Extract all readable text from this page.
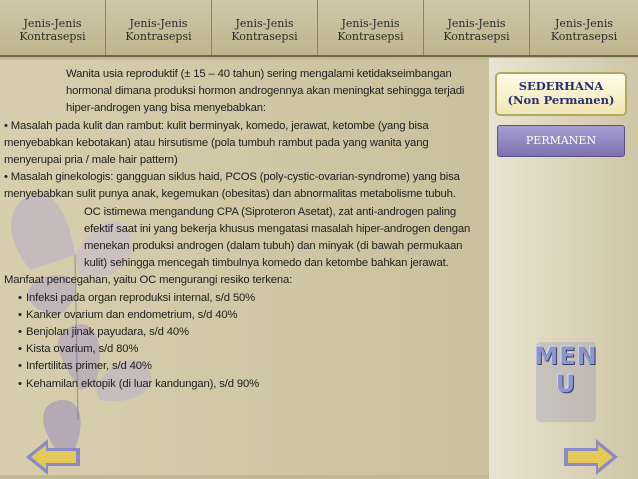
Jenis-Jenis
Kontrasepsi
Jenis-Jenis
Kontrasepsi
Jenis-Jenis
Kontrasepsi
Jenis-Jenis
Kontrasepsi
Jenis-Jenis
Kontrasepsi
Jenis-Jenis
Kontrasepsi

Wanita usia reproduktif (± 15 – 40 tahun) sering mengalami ketidakseimbangan hormonal dimana produksi hormon androgennya akan meningkat sehingga terjadi hiper-androgen yang bisa menyebabkan:

• Masalah pada kulit dan rambut: kulit berminyak, komedo, jerawat, ketombe (yang bisa menyebabkan kebotakan) atau hirsutisme (pola tumbuh rambut pada yang wanita yang menyerupai pria / male hair pattern)

• Masalah ginekologis: gangguan siklus haid, PCOS (poly-cystic-ovarian-syndrome) yang bisa menyebabkan sulit punya anak, kegemukan (obesitas) dan abnormalitas metabolisme tubuh.

OC istimewa mengandung CPA (Siproteron Asetat), zat anti-androgen paling efektif saat ini yang bekerja khusus mengatasi masalah hiper-androgen dengan menekan produksi androgen (dalam tubuh) dan minyak (di bawah permukaan kulit) sehingga mencegah timbulnya komedo dan ketombe bahkan jerawat.

Manfaat pencegahan, yaitu OC mengurangi resiko terkena:

• Infeksi pada organ reproduksi internal, s/d 50%
• Kanker ovarium dan endometrium, s/d 40%
• Benjolan jinak payudara, s/d 40%
• Kista ovarium, s/d 80%
• Infertilitas primer, s/d 40%
• Kehamilan ektopik (di luar kandungan), s/d 90%
SEDERHANA
(Non Permanen)
PERMANEN
MEN
U
